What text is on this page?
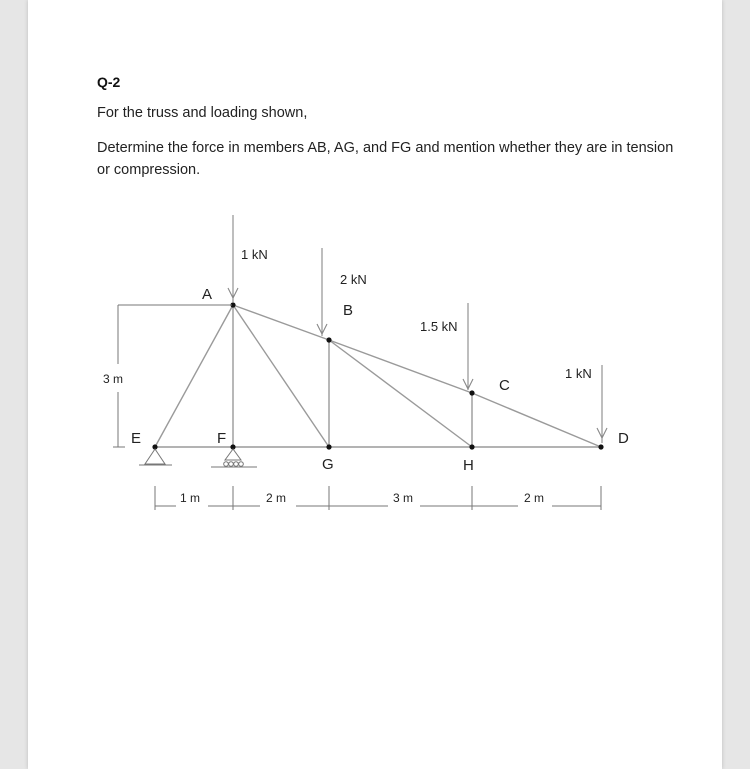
Q-2
For the truss and loading shown,
Determine the force in members AB, AG, and FG and mention whether they are in tension or compression.
1 kN
2 kN
1.5 kN
1 kN
A
B
C
D
E	F
G	H
3 m
1 m	2 m	3 m	2 m
